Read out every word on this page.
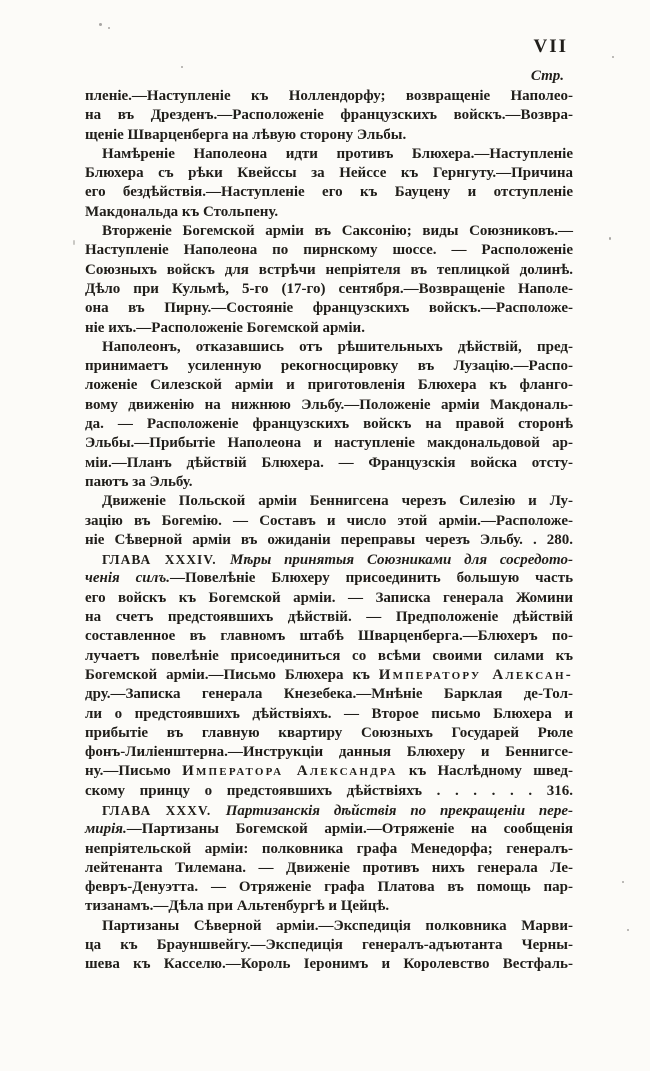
VII
Стр.
пленіе.—Наступленіе къ Ноллендорфу; возвращеніе Наполео-
на въ Дрезденъ.—Расположеніе французскихъ войскъ.—Возвра-
щеніе Шварценберга на лѣвую сторону Эльбы.
Намѣреніе Наполеона идти противъ Блюхера.—Наступленіе
Блюхера съ рѣки Квейссы за Нейссе къ Гернгуту.—Причина
его бездѣйствія.—Наступленіе его къ Бауцену и отступленіе
Макдональда къ Стольпену.
Вторженіе Богемской арміи въ Саксонію; виды Союзниковъ.—
Наступленіе Наполеона по пирнскому шоссе. — Расположеніе
Союзныхъ войскъ для встрѣчи непріятеля въ теплицкой долинѣ.
Дѣло при Кульмѣ, 5-го (17-го) сентября.—Возвращеніе Наполе-
она въ Пирну.—Состояніе французскихъ войскъ.—Расположе-
ніе ихъ.—Расположеніе Богемской арміи.
Наполеонъ, отказавшись отъ рѣшительныхъ дѣйствій, пред-
принимаетъ усиленную рекогносцировку въ Лузацію.—Распо-
ложеніе Силезской арміи и приготовленія Блюхера къ фланго-
вому движенію на нижнюю Эльбу.—Положеніе арміи Макдональ-
да. — Расположеніе французскихъ войскъ на правой сторонѣ
Эльбы.—Прибытіе Наполеона и наступленіе макдональдовой ар-
міи.—Планъ дѣйствій Блюхера. — Французскія войска отсту-
паютъ за Эльбу.
Движеніе Польской арміи Беннигсена черезъ Силезію и Лу-
зацію въ Богемію. — Составъ и число этой арміи.—Расположе-
ніе Сѣверной арміи въ ожиданіи переправы черезъ Эльбу. . 280.
ГЛАВА XXXIV. Мѣры принятыя Союзниками для сосредото-
ченія силъ.—Повелѣніе Блюхеру присоединить большую часть
его войскъ къ Богемской арміи. — Записка генерала Жомини
на счетъ предстоявшихъ дѣйствій. — Предположеніе дѣйствій
составленное въ главномъ штабѣ Шварценберга.—Блюхеръ по-
лучаетъ повелѣніе присоединиться со всѣми своими силами къ
Богемской арміи.—Письмо Блюхера къ Императору Алексан-
дру.—Записка генерала Кнезебека.—Мнѣніе Барклая де-Тол-
ли о предстоявшихъ дѣйствіяхъ. — Второе письмо Блюхера и
прибытіе въ главную квартиру Союзныхъ Государей Рюле
фонъ-Лиліенштерна.—Инструкціи данныя Блюхеру и Беннигсе-
ну.—Письмо Императора Александра къ Наслѣдному швед-
скому принцу о предстоявшихъ дѣйствіяхъ . . . . . . 316.
ГЛАВА XXXV. Партизанскія дѣйствія по прекращеніи пере-
мирія.—Партизаны Богемской арміи.—Отряженіе на сообщенія
непріятельской арміи: полковника графа Менедорфа; генералъ-
лейтенанта Тилемана. — Движеніе противъ нихъ генерала Ле-
февръ-Денуэтта. — Отряженіе графа Платова въ помощь пар-
тизанамъ.—Дѣла при Альтенбургѣ и Цейцѣ.
Партизаны Сѣверной арміи.—Экспедиція полковника Марви-
ца къ Брауншвейгу.—Экспедиція генералъ-адъютанта Черны-
шева къ Касселю.—Король Іеронимъ и Королевство Вестфаль-
